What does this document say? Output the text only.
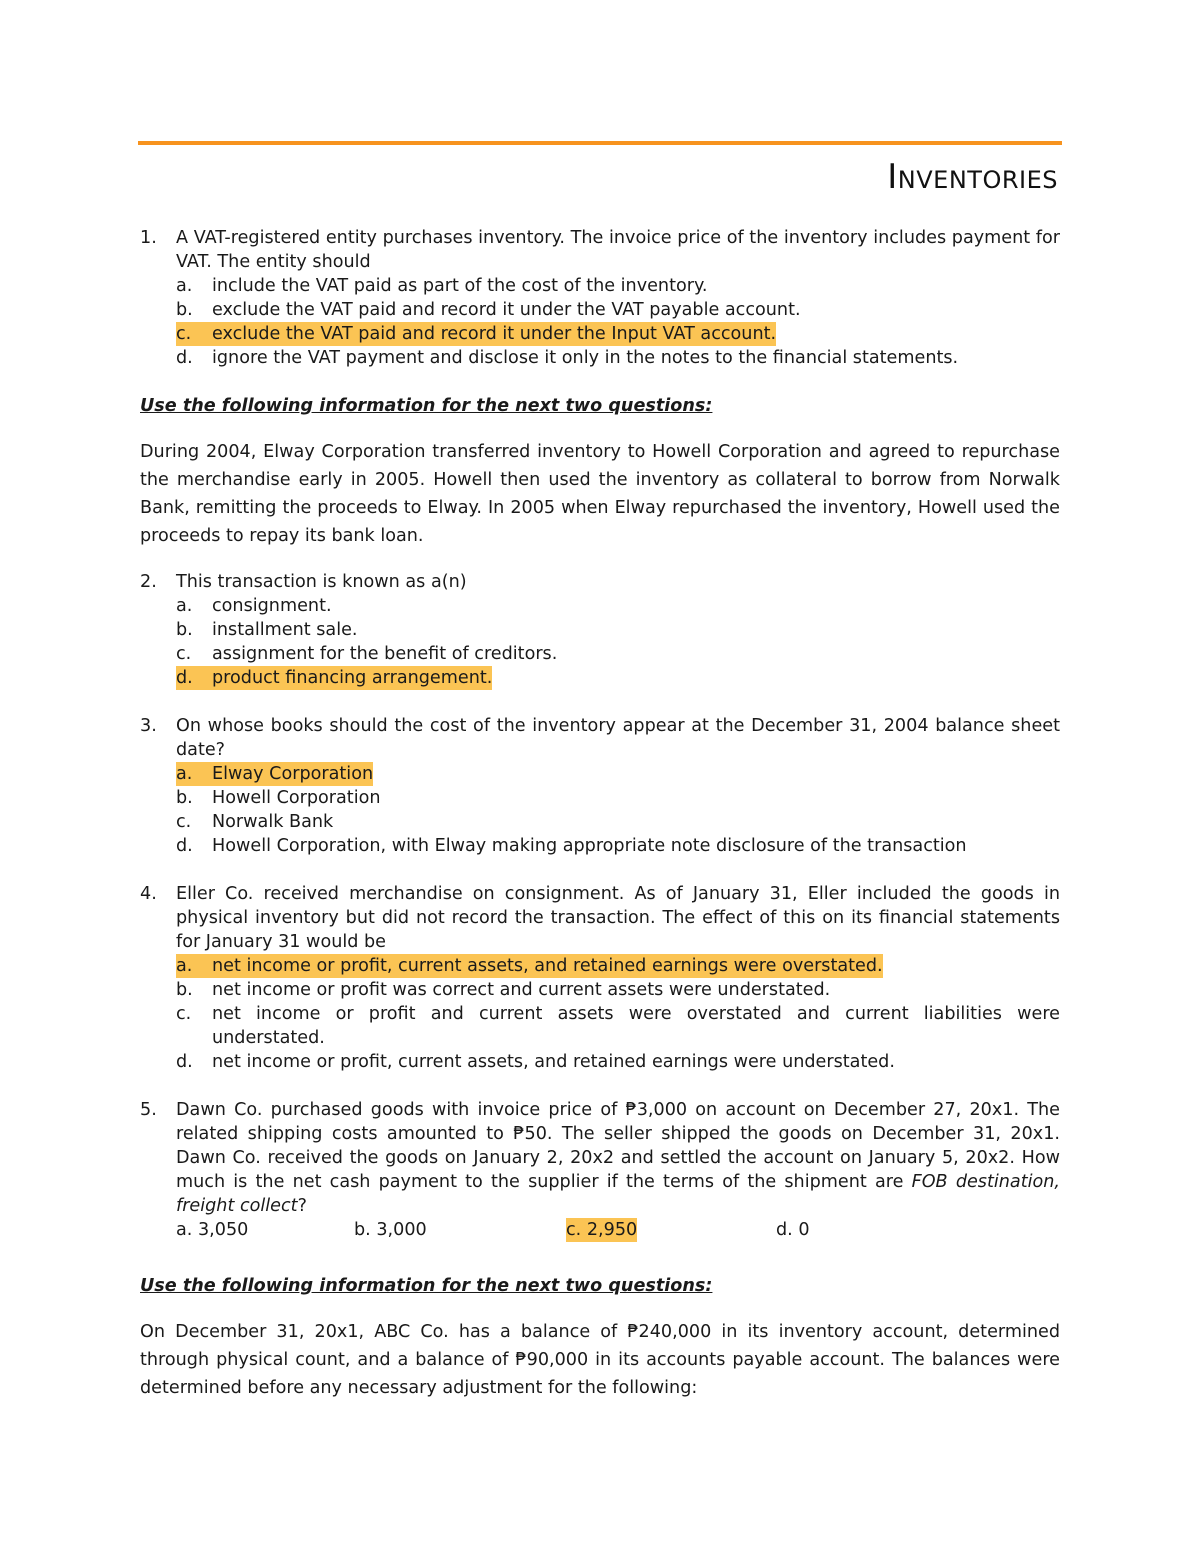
Inventories
1.	A VAT-registered entity purchases inventory. The invoice price of the inventory includes payment for VAT. The entity should
a.	include the VAT paid as part of the cost of the inventory.
b.	exclude the VAT paid and record it under the VAT payable account.
c.	exclude the VAT paid and record it under the Input VAT account.
d.	ignore the VAT payment and disclose it only in the notes to the financial statements.
Use the following information for the next two questions:
During 2004, Elway Corporation transferred inventory to Howell Corporation and agreed to repurchase the merchandise early in 2005. Howell then used the inventory as collateral to borrow from Norwalk Bank, remitting the proceeds to Elway. In 2005 when Elway repurchased the inventory, Howell used the proceeds to repay its bank loan.
2.	This transaction is known as a(n)
a.	consignment.
b.	installment sale.
c.	assignment for the benefit of creditors.
d.	product financing arrangement.
3.	On whose books should the cost of the inventory appear at the December 31, 2004 balance sheet date?
a.	Elway Corporation
b.	Howell Corporation
c.	Norwalk Bank
d.	Howell Corporation, with Elway making appropriate note disclosure of the transaction
4.	Eller Co. received merchandise on consignment. As of January 31, Eller included the goods in physical inventory but did not record the transaction. The effect of this on its financial statements for January 31 would be
a.	net income or profit, current assets, and retained earnings were overstated.
b.	net income or profit was correct and current assets were understated.
c.	net income or profit and current assets were overstated and current liabilities were understated.
d.	net income or profit, current assets, and retained earnings were understated.
5.	Dawn Co. purchased goods with invoice price of ₱3,000 on account on December 27, 20x1. The related shipping costs amounted to ₱50. The seller shipped the goods on December 31, 20x1. Dawn Co. received the goods on January 2, 20x2 and settled the account on January 5, 20x2. How much is the net cash payment to the supplier if the terms of the shipment are FOB destination, freight collect?
a. 3,050	b. 3,000	c. 2,950	d. 0
Use the following information for the next two questions:
On December 31, 20x1, ABC Co. has a balance of ₱240,000 in its inventory account, determined through physical count, and a balance of ₱90,000 in its accounts payable account. The balances were determined before any necessary adjustment for the following:
